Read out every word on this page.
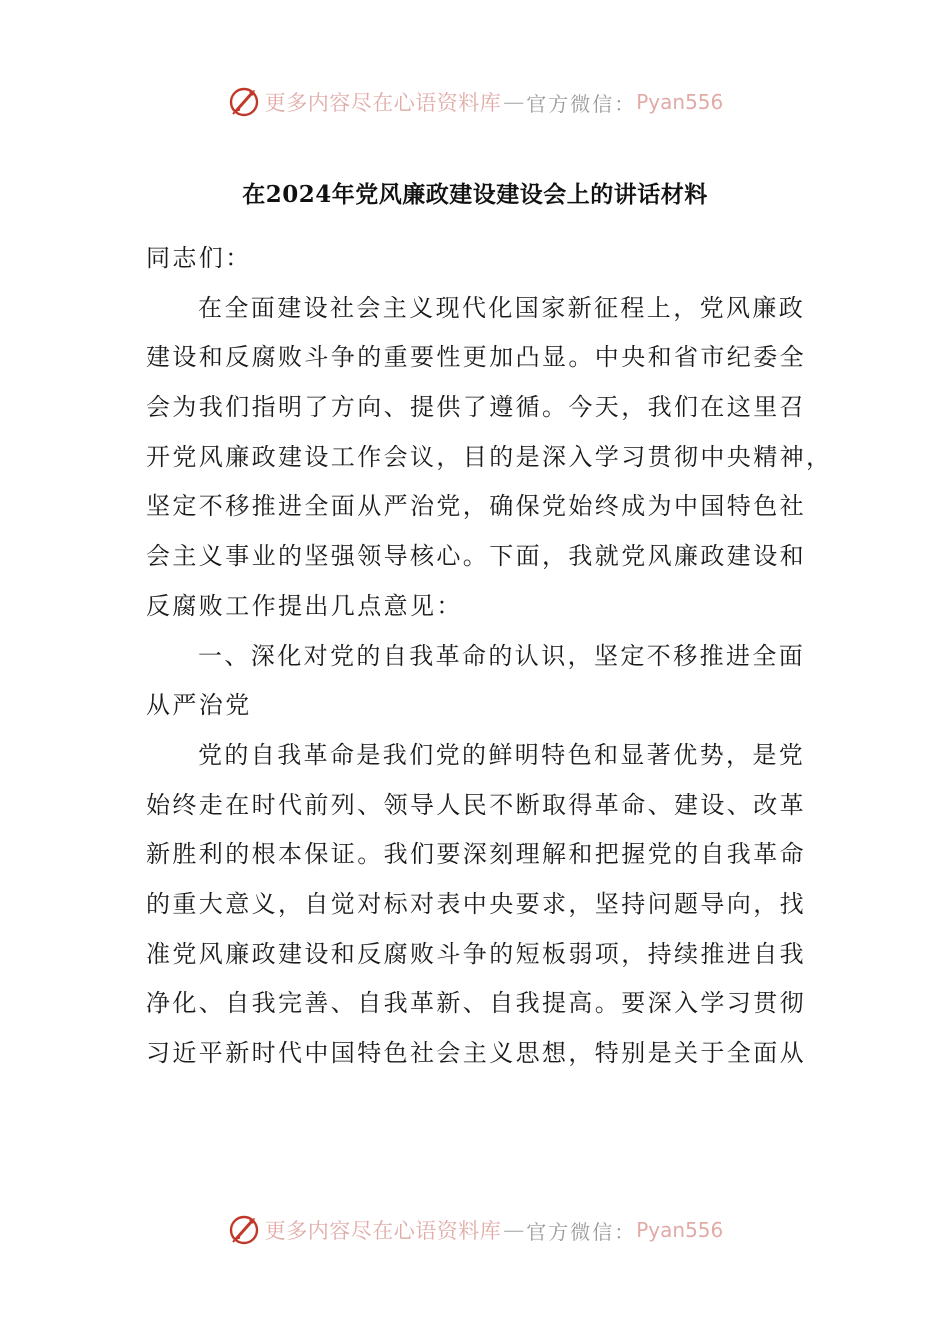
更多内容尽在心语资料库 — 官方微信： Pyan556
在2024年党风廉政建设建设会上的讲话材料
同志们：
在全面建设社会主义现代化国家新征程上，党风廉政
建设和反腐败斗争的重要性更加凸显。中央和省市纪委全
会为我们指明了方向、提供了遵循。今天，我们在这里召
开党风廉政建设工作会议，目的是深入学习贯彻中央精神，
坚定不移推进全面从严治党，确保党始终成为中国特色社
会主义事业的坚强领导核心。下面，我就党风廉政建设和
反腐败工作提出几点意见：
一、深化对党的自我革命的认识，坚定不移推进全面
从严治党
党的自我革命是我们党的鲜明特色和显著优势，是党
始终走在时代前列、领导人民不断取得革命、建设、改革
新胜利的根本保证。我们要深刻理解和把握党的自我革命
的重大意义，自觉对标对表中央要求，坚持问题导向，找
准党风廉政建设和反腐败斗争的短板弱项，持续推进自我
净化、自我完善、自我革新、自我提高。要深入学习贯彻
习近平新时代中国特色社会主义思想，特别是关于全面从
更多内容尽在心语资料库 — 官方微信： Pyan556
